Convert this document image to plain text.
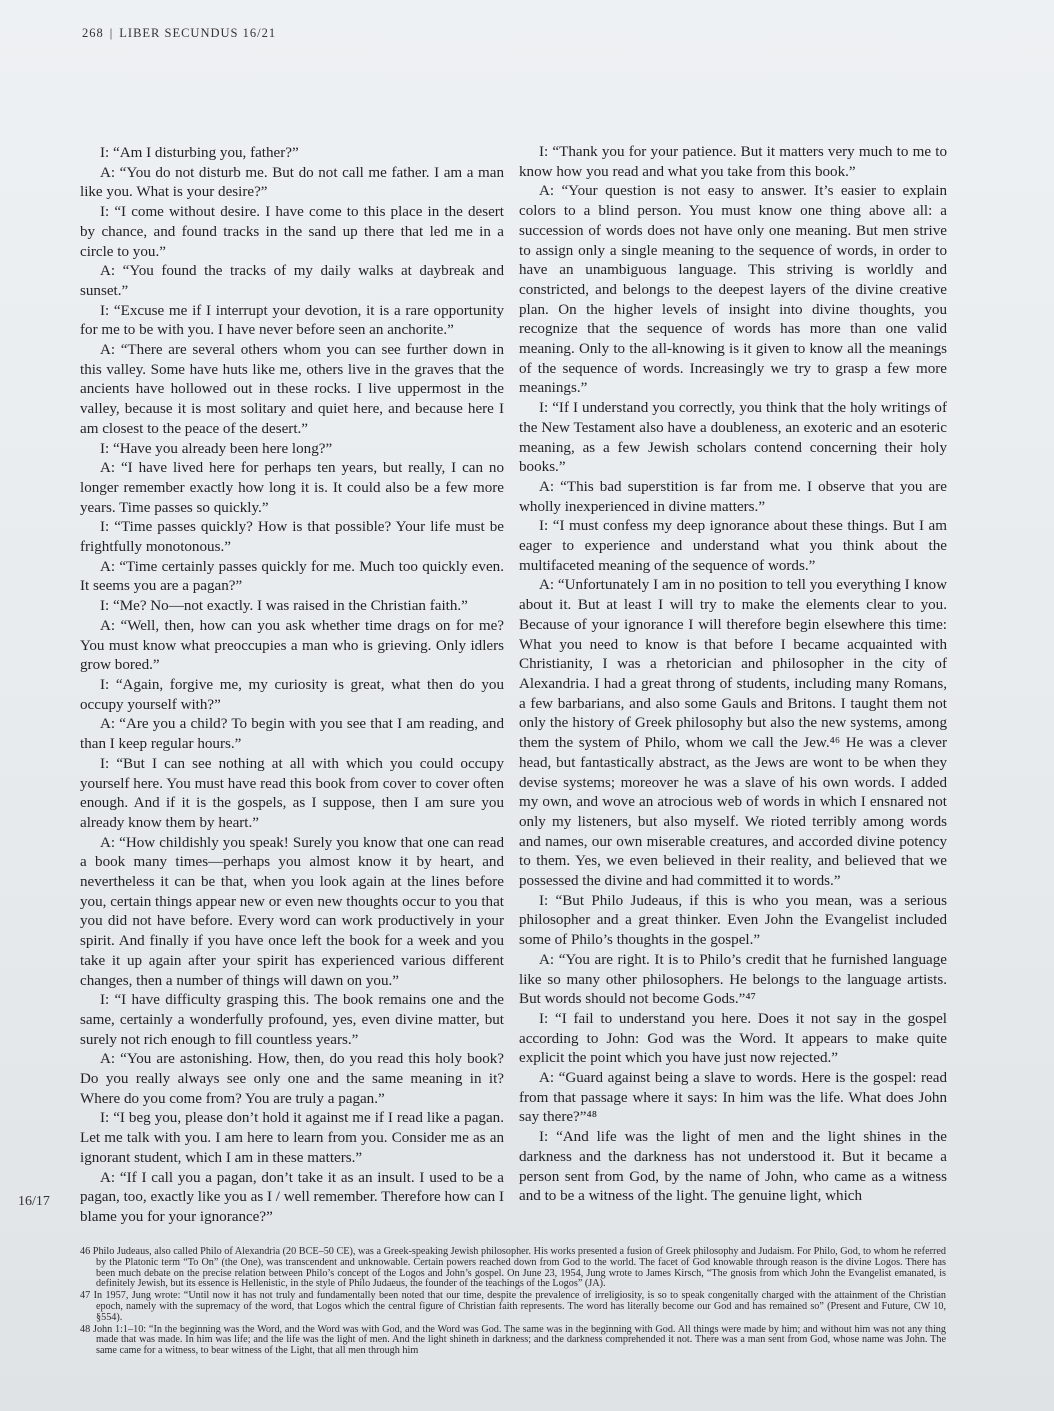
268 | LIBER SECUNDUS 16/21
16/17

I: “Am I disturbing you, father?”

A: “You do not disturb me. But do not call me father. I am a man like you. What is your desire?”

I: “I come without desire. I have come to this place in the desert by chance, and found tracks in the sand up there that led me in a circle to you.”

A: “You found the tracks of my daily walks at daybreak and sunset.”

I: “Excuse me if I interrupt your devotion, it is a rare opportunity for me to be with you. I have never before seen an anchorite.”

A: “There are several others whom you can see further down in this valley. Some have huts like me, others live in the graves that the ancients have hollowed out in these rocks. I live uppermost in the valley, because it is most solitary and quiet here, and because here I am closest to the peace of the desert.”

I: “Have you already been here long?”

A: “I have lived here for perhaps ten years, but really, I can no longer remember exactly how long it is. It could also be a few more years. Time passes so quickly.”

I: “Time passes quickly? How is that possible? Your life must be frightfully monotonous.”

A: “Time certainly passes quickly for me. Much too quickly even. It seems you are a pagan?”

I: “Me? No—not exactly. I was raised in the Christian faith.”

A: “Well, then, how can you ask whether time drags on for me? You must know what preoccupies a man who is grieving. Only idlers grow bored.”

I: “Again, forgive me, my curiosity is great, what then do you occupy yourself with?”

A: “Are you a child? To begin with you see that I am reading, and than I keep regular hours.”

I: “But I can see nothing at all with which you could occupy yourself here. You must have read this book from cover to cover often enough. And if it is the gospels, as I suppose, then I am sure you already know them by heart.”

A: “How childishly you speak! Surely you know that one can read a book many times—perhaps you almost know it by heart, and nevertheless it can be that, when you look again at the lines before you, certain things appear new or even new thoughts occur to you that you did not have before. Every word can work productively in your spirit. And finally if you have once left the book for a week and you take it up again after your spirit has experienced various different changes, then a number of things will dawn on you.”

I: “I have difficulty grasping this. The book remains one and the same, certainly a wonderfully profound, yes, even divine matter, but surely not rich enough to fill countless years.”

A: “You are astonishing. How, then, do you read this holy book? Do you really always see only one and the same meaning in it? Where do you come from? You are truly a pagan.”

I: “I beg you, please don’t hold it against me if I read like a pagan. Let me talk with you. I am here to learn from you. Consider me as an ignorant student, which I am in these matters.”

A: “If I call you a pagan, don’t take it as an insult. I used to be a pagan, too, exactly like you as I / well remember. Therefore how can I blame you for your ignorance?”

I: “Thank you for your patience. But it matters very much to me to know how you read and what you take from this book.”

A: “Your question is not easy to answer. It’s easier to explain colors to a blind person. You must know one thing above all: a succession of words does not have only one meaning. But men strive to assign only a single meaning to the sequence of words, in order to have an unambiguous language. This striving is worldly and constricted, and belongs to the deepest layers of the divine creative plan. On the higher levels of insight into divine thoughts, you recognize that the sequence of words has more than one valid meaning. Only to the all-knowing is it given to know all the meanings of the sequence of words. Increasingly we try to grasp a few more meanings.”

I: “If I understand you correctly, you think that the holy writings of the New Testament also have a doubleness, an exoteric and an esoteric meaning, as a few Jewish scholars contend concerning their holy books.”

A: “This bad superstition is far from me. I observe that you are wholly inexperienced in divine matters.”

I: “I must confess my deep ignorance about these things. But I am eager to experience and understand what you think about the multifaceted meaning of the sequence of words.”

A: “Unfortunately I am in no position to tell you everything I know about it. But at least I will try to make the elements clear to you. Because of your ignorance I will therefore begin elsewhere this time: What you need to know is that before I became acquainted with Christianity, I was a rhetorician and philosopher in the city of Alexandria. I had a great throng of students, including many Romans, a few barbarians, and also some Gauls and Britons. I taught them not only the history of Greek philosophy but also the new systems, among them the system of Philo, whom we call the Jew.⁴⁶ He was a clever head, but fantastically abstract, as the Jews are wont to be when they devise systems; moreover he was a slave of his own words. I added my own, and wove an atrocious web of words in which I ensnared not only my listeners, but also myself. We rioted terribly among words and names, our own miserable creatures, and accorded divine potency to them. Yes, we even believed in their reality, and believed that we possessed the divine and had committed it to words.”

I: “But Philo Judeaus, if this is who you mean, was a serious philosopher and a great thinker. Even John the Evangelist included some of Philo’s thoughts in the gospel.”

A: “You are right. It is to Philo’s credit that he furnished language like so many other philosophers. He belongs to the language artists. But words should not become Gods.”⁴⁷

I: “I fail to understand you here. Does it not say in the gospel according to John: God was the Word. It appears to make quite explicit the point which you have just now rejected.”

A: “Guard against being a slave to words. Here is the gospel: read from that passage where it says: In him was the life. What does John say there?”⁴⁸

I: “And life was the light of men and the light shines in the darkness and the darkness has not understood it. But it became a person sent from God, by the name of John, who came as a witness and to be a witness of the light. The genuine light, which

46 Philo Judeaus, also called Philo of Alexandria (20 BCE–50 CE), was a Greek-speaking Jewish philosopher. His works presented a fusion of Greek philosophy and Judaism. For Philo, God, to whom he referred by the Platonic term “To On” (the One), was transcendent and unknowable. Certain powers reached down from God to the world. The facet of God knowable through reason is the divine Logos. There has been much debate on the precise relation between Philo’s concept of the Logos and John’s gospel. On June 23, 1954, Jung wrote to James Kirsch, “The gnosis from which John the Evangelist emanated, is definitely Jewish, but its essence is Hellenistic, in the style of Philo Judaeus, the founder of the teachings of the Logos” (JA).

47 In 1957, Jung wrote: “Until now it has not truly and fundamentally been noted that our time, despite the prevalence of irreligiosity, is so to speak congenitally charged with the attainment of the Christian epoch, namely with the supremacy of the word, that Logos which the central figure of Christian faith represents. The word has literally become our God and has remained so” (Present and Future, CW 10, §554).

48 John 1:1–10: “In the beginning was the Word, and the Word was with God, and the Word was God. The same was in the beginning with God. All things were made by him; and without him was not any thing made that was made. In him was life; and the life was the light of men. And the light shineth in darkness; and the darkness comprehended it not. There was a man sent from God, whose name was John. The same came for a witness, to bear witness of the Light, that all men through him
